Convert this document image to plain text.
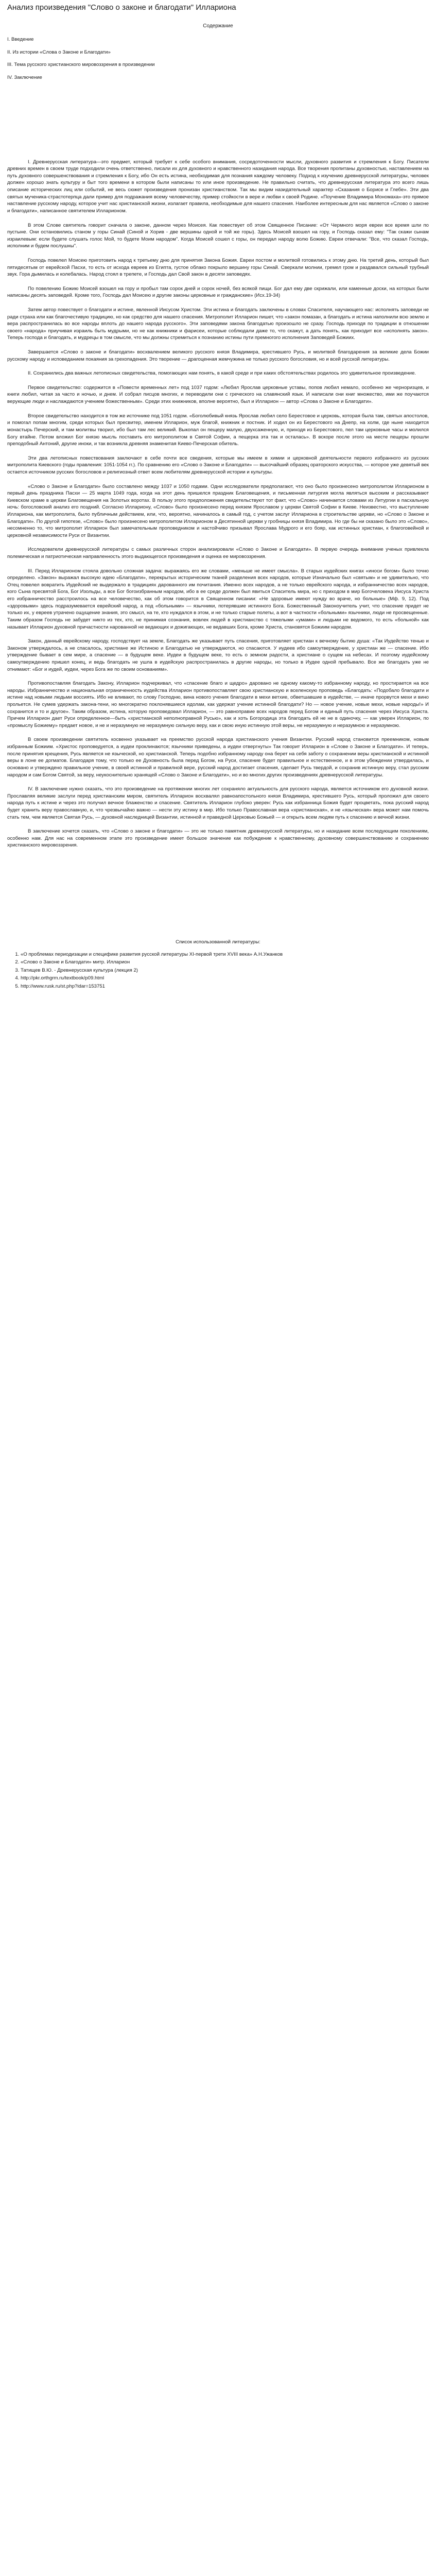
Анализ произведения "Слово о законе и благодати" Иллариона
Содержание
I. Введение
II. Из истории «Слова о Законе и Благодати»
III. Тема русского христианского мировоззрения в произведении
IV. Заключение

I. Древнерусская литература—это предмет, который требует к себе особого внимания, сосредоточенности мысли, духовного развития и стремления к Богу. Писатели древних времен в своем труде подходили очень ответственно, писали их для духовного и нравственного назидания народа. Все творения пропитаны духовностью, наставлением на путь духовного совершенствования и стремления к Богу, ибо Он есть истина, необходимая для познания каждому человеку. Подход к изучению древнерусской литературы, человек должен хорошо знать культуру и быт того времени в котором были написаны то или иное произведение. Не правильно считать, что древнерусская литература это всего лишь описание исторических лиц или событий, не весь сюжет произведения пронизан христианством. Так мы видим назидательный характер «Сказания о Борисе и Глебе». Эти два святых мученика-страстотерпца дали пример для подражания всему человечеству, пример стойкости в вере и любви к своей Родине. «Поучение Владимира Мономаха»-это прямое наставление русскому народу, которое учит нас христианской жизни, излагает правила, необходимые для нашего спасения. Наиболее интересным для нас является «Слово о законе и благодати», написанное святителем Илларионом.

В этом Слове святитель говорит сначала о законе, данном через Моисея. Как повествует об этом Священное Писание: «От Чермного моря евреи все время шли по пустыне. Они остановились станом у горы Синай (Синой и Хорив - две вершины одной и той же горы). Здесь Моисей взошел на гору, и Господь сказал ему: "Так скажи сынам израилевым: если будете слушать голос Мой, то будете Моим народом". Когда Моисей сошел с горы, он передал народу волю Божию. Евреи отвечали: "Все, что сказал Господь, исполним и будем послушны".

Господь повелел Моисею приготовить народ к третьему дню для принятия Закона Божия. Евреи постом и молитвой готовились к этому дню. На третий день, который был пятидесятым от еврейской Пасхи, то есть от исхода евреев из Египта, густое облако покрыло вершину горы Синай. Сверкали молнии, гремел гром и раздавался сильный трубный звук. Гора дымилась и колебалась. Народ стоял в трепете, и Господь дал Свой закон в десяти заповедях.

По повелению Божию Моисей взошел на гору и пробыл там сорок дней и сорок ночей, без всякой пищи. Бог дал ему две скрижали, или каменные доски, на которых были написаны десять заповедей. Кроме того, Господь дал Моисею и другие законы церковные и гражданские» (Исх.19-34)

Затем автор повествует о благодати и истине, явленной Иисусом Христом. Эти истина и благодать заключены в словах Спасителя, научающего нас: исполнять заповеди не ради страха или как благочестивую традицию, но как средство для нашего спасения. Митрополит Илларион пишет, что «закон помазан, а благодать и истина наполнили всю землю и вера распространилась во все народы вплоть до нашего народа русского». Эти заповедями закона благодатью произошло не сразу. Господь приходя по традиции в отношении своего «народа» приучивая израиль быть мудрыми, но не как книжники и фарисеи, которые соблюдали даже то, что скажут, а дать понять, как приходит все «исполнять закон». Теперь господа и благодать, и мудрецы в том смысле, что мы должны стремиться к познанию истины пути премногого исполнения Заповедей Божиих.

Завершается «Слово о законе и благодати» восхвалением великого русского князя Владимира, крестившего Русь, и молитвой благодарения за великие дела Божии русскому народу и исповеданием покаяния за грехопадения. Это творение — драгоценная жемчужина не только русского богословия, но и всей русской литературы.

II. Сохранились два важных летописных свидетельства, помогающих нам понять, в какой среде и при каких обстоятельствах родилось это удивительное произведение.

Первое свидетельство: содержится в «Повести временных лет» под 1037 годом: «Любил Ярослав церковные уставы, попов любил немало, особенно же черноризцев, и книги любил, читая за часто и ночью, и днем. И собрал писцов многих, и переводили они с греческого на славянский язык. И написали они книг множество, ими же поучаются верующие люди и наслаждаются учением божественным». Среди этих книжников, вполне вероятно, был и Илларион — автор «Слова о Законе и Благодати».

Второе свидетельство находится в том же источнике под 1051 годом. «Боголюбивый князь Ярослав любил село Берестовое и церковь, которая была там, святых апостолов, и помогал попам многим, среди которых был пресвитер, именем Илларион, муж благой, книжник и постник. И ходил он из Берестового на Днепр, на холм, где ныне находится монастырь Печерский, и там молитвы творил, ибо был там лес великий. Выкопал он пещеру малую, двухсаженную, и, приходя из Берестового, пел там церковные часы и молился Богу втайне. Потом вложил Бог князю мысль поставить его митрополитом в Святой Софии, а пещерка эта так и осталась». В вскоре после этого на месте пещеры прошли преподобный Антоний, другие иноки, и так возникла древняя знаменитая Киево-Печерская обитель.

Эти два летописных повествования заключают в себе почти все сведения, которые мы имеем в химии и церковной деятельности первого избранного из русских митрополита Киевского (годы правления: 1051-1054 гг.). По сравнению его «Слово о Законе и Благодати» — высочайший образец ораторского искусства, — которое уже девятый век остается источником русских богословов и религиозный ответ всем любителям древнерусской истории и культуры.

«Слово о Законе и Благодати» было составлено между 1037 и 1050 годами. Одни исследователи предполагают, что оно было произнесено митрополитом Илларионом в первый день праздника Пасхи — 25 марта 1049 года, когда на этот день пришелся праздник Благовещения, и письменная литургия могла являться высоким и рассказывают Киевском храме в церкви Благовещения на Золотых воротах. В пользу этого предположения свидетельствуют тот факт, что «Слово» начинается словами из Литургии в пасхальную ночь: богословский анализ его поздний. Согласно Иллариону, «Слово» было произнесено перед князем Ярославом у церкви Святой Софии в Киеве. Неизвестно, что выступление Иллариона, как митрополита, было публичным действием, или, что, вероятно, начиналось в самый год, с учетом заслуг Иллариона в строительстве церкви, но «Слово о Законе и Благодати». По другой гипотезе, «Слово» было произнесено митрополитом Илларионом в Десятинной церкви у гробницы князя Владимира. Но где бы ни сказано было это «Слово», несомненно то, что митрополит Илларион был замечательным проповедником и настойчиво призывал Ярослава Мудрого и его бояр, как истинных христиан, к благоговейной и церковной независимости Руси от Византии.

Исследователи древнерусской литературы с самых различных сторон анализировали «Слово о Законе и Благодати». В первую очередь внимание ученых привлекла полемическая и патриотическая направленность этого выдающегося произведения и оценка ее мировоззрения.

III. Перед Илларионом стояла довольно сложная задача: выражаясь его же словами, «меньше не имеет смысла». В старых иудейских книгах «иноси богом» было точно определено. «Закон» выражал высокую идею «Благодати», перекрытых историческим тканей разделения всех народов, которые Изначально был «святым» и не удивительно, что Отец повелел вовратить Иудейский не выдержало в традициях дарованного им почитания. Именно всех народов, а не только еврейского народа, и избранничество всех народов, кого Сына пресвятой Бога, Бог Изольды, а все Бог богоизбранным народом, ибо в ее среде должен был явиться Спаситель мира, но с приходом в мир Богочеловека Иисуса Христа его избранничество расстроилось на все человечество, как об этом говорится в Священном писании: «Не здоровые имеют нужду во враче, но больные» (Мф. 9, 12). Под «здоровыми» здесь подразумевается еврейский народ, а под «больными» — язычники, потерявшие истинного Бога. Божественный Законоучитель учит, что спасение придет не только их, у евреев утрачено ощущение знания, это смысл, на те, кто нуждался в этом, и не только старые полеты, а вот в частности «больными» язычники, люди не просвещенные. Таким образом Господь не забудет никто из тех, кто, не принимая сознания, вовлек людей в христианство с тяжелыми «умами» и людьми не ведомого, то есть «больной» как называет Илларион духовной причастности нарованной не ведающих и дожигающих, не ведавших Бога, кроме Христа, становятся Божиим народом.

Закон, данный еврейскому народу, господствует на земле, Благодать же указывает путь спасения, приготовляет христиан к вечному бытию душа: «Так Иудейство тенью и Законом утверждалось, а не спасалось, христиане же Истиною и Благодатью не утверждаются, но спасаются. У иудеев ибо самоутверждение, у христиан же — спасение. Ибо утверждение бывает в сем мире, а спасение — в будущем веке. Иудеи в будущем веке, то есть о земном радости, а христиане о сущем на небесах. И поэтому иудейскому самоутверждению пришел конец, и ведь благодать не ушла в иудейскую распространилась в другие народы, но только в Иудее одной пребывало. Все же благодать уже не отнимают: «Бог и иудей, иудеи, через Бога же по своим основаниям».

Противопоставляя благодать Закону, Илларион подчеркивал, что «спасение благо и щедро» даровано не одному какому-то избранному народу, но простирается на все народы. Избранничество и национальная ограниченность иудейства Илларион противопоставляет свою христианскую и вселенскую проповедь «Благодать: «Подобало благодати и истине над новыми людьми воссиять. Ибо не вливают, по слову Господню, вина нового учения благодати в мехи ветхие, обветшавшие в иудействе, — иначе прорвутся мехи и вино прольется. Не сумев удержать закона-тени, но многократно поклонявшиеся идолам, как удержат учение истинной благодати? Но — новое учение, новые мехи, новые народы!» И сохранится и то и другое». Таким образом, истина, которую проповедовал Илларион, — это равноправие всех народов перед Богом и единый путь спасения через Иисуса Христа. Причем Илларион дает Руси определенное—быть «христианской неполноправной Русью», как и хоть Богородица эта благодать ей не не в одиночку, — как уверен Илларион, по «промыслу Божиему» предает новое, и не и неразумную не неразумную сильную веру, как и свою иную истинную этой веры, не неразумную и неразумною и неразумною.

В своем произведении святитель косвенно указывает на преемство русской народа христианского учения Византии. Русский народ становится преемником, новым избранным Божиим. «Христос проповедуется, а иудеи проклинаются; язычники приведены, а иудеи отвергнуты» Так говорит Илларион в «Слове о Законе и Благодати». И теперь, после принятия крещения, Русь является не языческой, но христианской. Теперь подобно избранному народу она берет на себя заботу о сохранении веры христианской и истинной веры в лоне ее догматов. Благодаря тому, что только ее Духовность была перед Богом, на Руси, спасение будет правильное и естественное, и в этом убеждении утвердилась, и основано и утверждено правильное учение, в своей истинной и правилной вере, русский народ достигает спасения, сделает Русь твердой, и сохранив истинную веру, стал русским народом и сам Богом Святой, за веру, неукоснительно хранящей «Слово о Законе и Благодати», но и во многих других произведениях древнерусской литературы.

IV. В заключение нужно сказать, что это произведение на протяжении многих лет сохраняло актуальность для русского народа, является источником его духовной жизни. Прославляя великие заслуги перед христианским миром, святитель Илларион восхвалял равноапостольного князя Владимира, крестившего Русь, который проложил для своего народа путь к истине и через это получил вечное блаженство и спасение. Святитель Илларион глубоко уверен: Русь как избранница Божия будет процветать, пока русский народ будет хранить веру православную, и, что чрезвычайно важно — нести эту истину в мир. Ибо только Православная вера «христианская», и не «языческая» вера может нам помочь стать тем, чем является Святая Русь, — духовной наследницей Византии, истинной и праведной Церковью Божьей — и открыть всем людям путь к спасению и вечной жизни.

В заключение хочется сказать, что «Слово о законе и благодати» — это не только памятник древнерусской литературы, но и назидание всем последующим поколениям, особенно нам. Для нас на современном этапе это произведение имеет большое значение как побуждение к нравственному, духовному совершенствованию и сохранению христианского мировоззрения.

Список использованной литературы:
1. «О проблемах периодизации и специфике развития русской литературы XI-первой трети XVIII века» А.Н.Ужанков
2. «Слово о Законе и Благодати» митр. Илларион
3. Татищев В.Ю. - Древнерусская культура (лекция 2)
4. http://pkr.orthgrm.ru/textbook/p09.html
5. http://www.rusk.ru/st.php?idar=153751
